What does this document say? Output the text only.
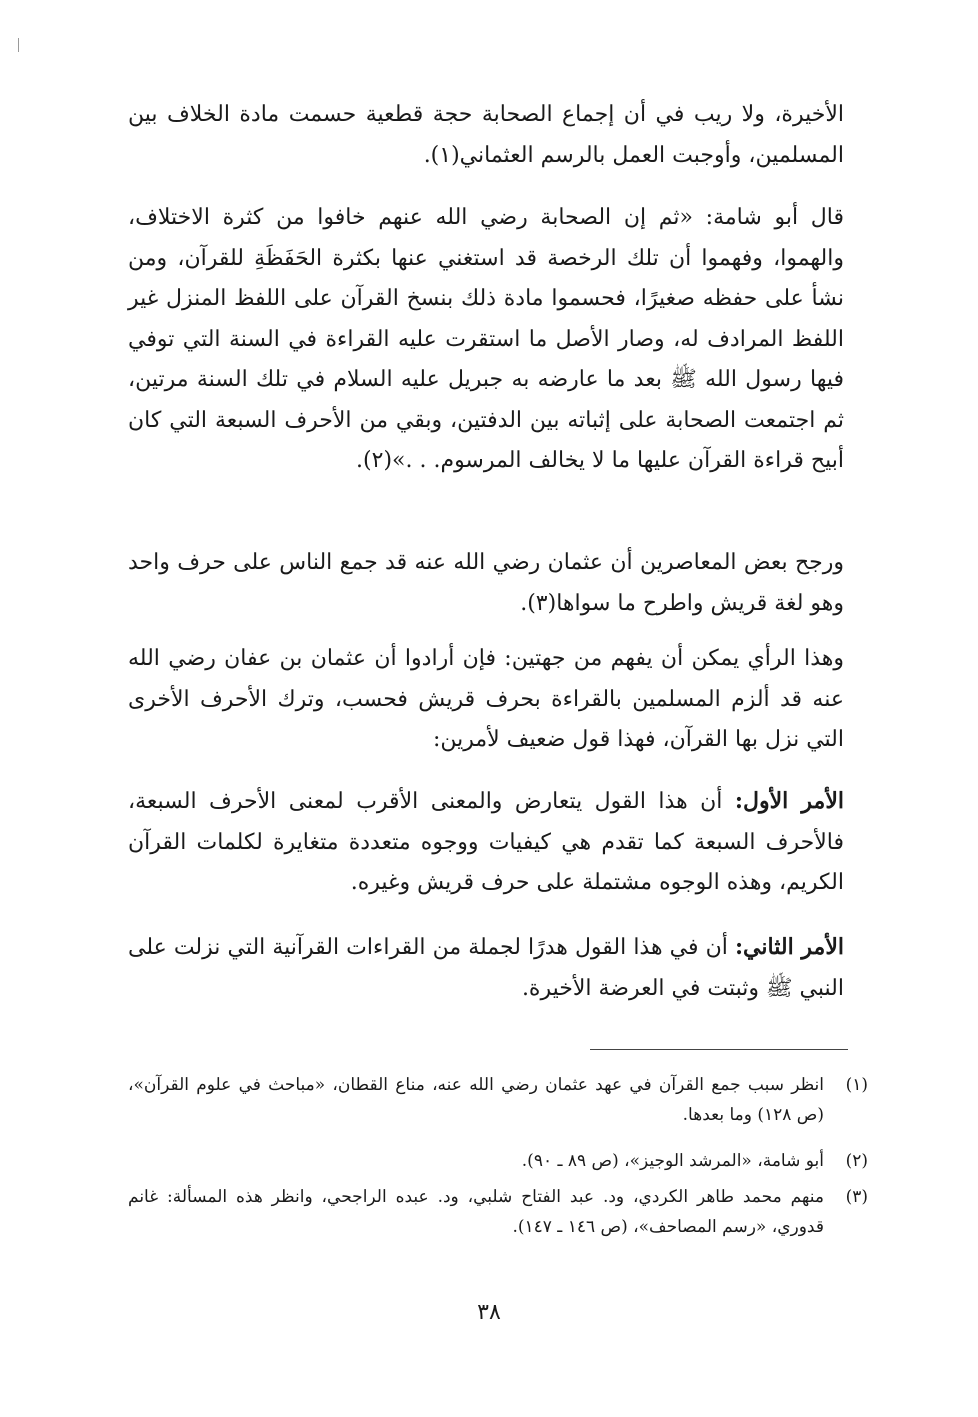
الأخيرة، ولا ريب في أن إجماع الصحابة حجة قطعية حسمت مادة الخلاف بين المسلمين، وأوجبت العمل بالرسم العثماني(١).

قال أبو شامة: «ثم إن الصحابة رضي الله عنهم خافوا من كثرة الاختلاف، والهموا، وفهموا أن تلك الرخصة قد استغني عنها بكثرة الحَفَظَةِ للقرآن، ومن نشأ على حفظه صغيرًا، فحسموا مادة ذلك بنسخ القرآن على اللفظ المنزل غير اللفظ المرادف له، وصار الأصل ما استقرت عليه القراءة في السنة التي توفي فيها رسول الله ﷺ بعد ما عارضه به جبريل عليه السلام في تلك السنة مرتين، ثم اجتمعت الصحابة على إثباته بين الدفتين، وبقي من الأحرف السبعة التي كان أبيح قراءة القرآن عليها ما لا يخالف المرسوم. . .»(٢).

ورجح بعض المعاصرين أن عثمان رضي الله عنه قد جمع الناس على حرف واحد وهو لغة قريش واطرح ما سواها(٣).

وهذا الرأي يمكن أن يفهم من جهتين: فإن أرادوا أن عثمان بن عفان رضي الله عنه قد ألزم المسلمين بالقراءة بحرف قريش فحسب، وترك الأحرف الأخرى التي نزل بها القرآن، فهذا قول ضعيف لأمرين:

الأمر الأول: أن هذا القول يتعارض والمعنى الأقرب لمعنى الأحرف السبعة، فالأحرف السبعة كما تقدم هي كيفيات ووجوه متعددة متغايرة لكلمات القرآن الكريم، وهذه الوجوه مشتملة على حرف قريش وغيره.

الأمر الثاني: أن في هذا القول هدرًا لجملة من القراءات القرآنية التي نزلت على النبي ﷺ وثبتت في العرضة الأخيرة.

(١)
انظر سبب جمع القرآن في عهد عثمان رضي الله عنه، مناع القطان، «مباحث في علوم القرآن»، (ص ١٢٨) وما بعدها.
(٢)
أبو شامة، «المرشد الوجيز»، (ص ٨٩ ـ ٩٠).
(٣)
منهم محمد طاهر الكردي، ود. عبد الفتاح شلبي، ود. عبده الراجحي، وانظر هذه المسألة: غانم قدوري، «رسم المصاحف»، (ص ١٤٦ ـ ١٤٧).
٣٨
